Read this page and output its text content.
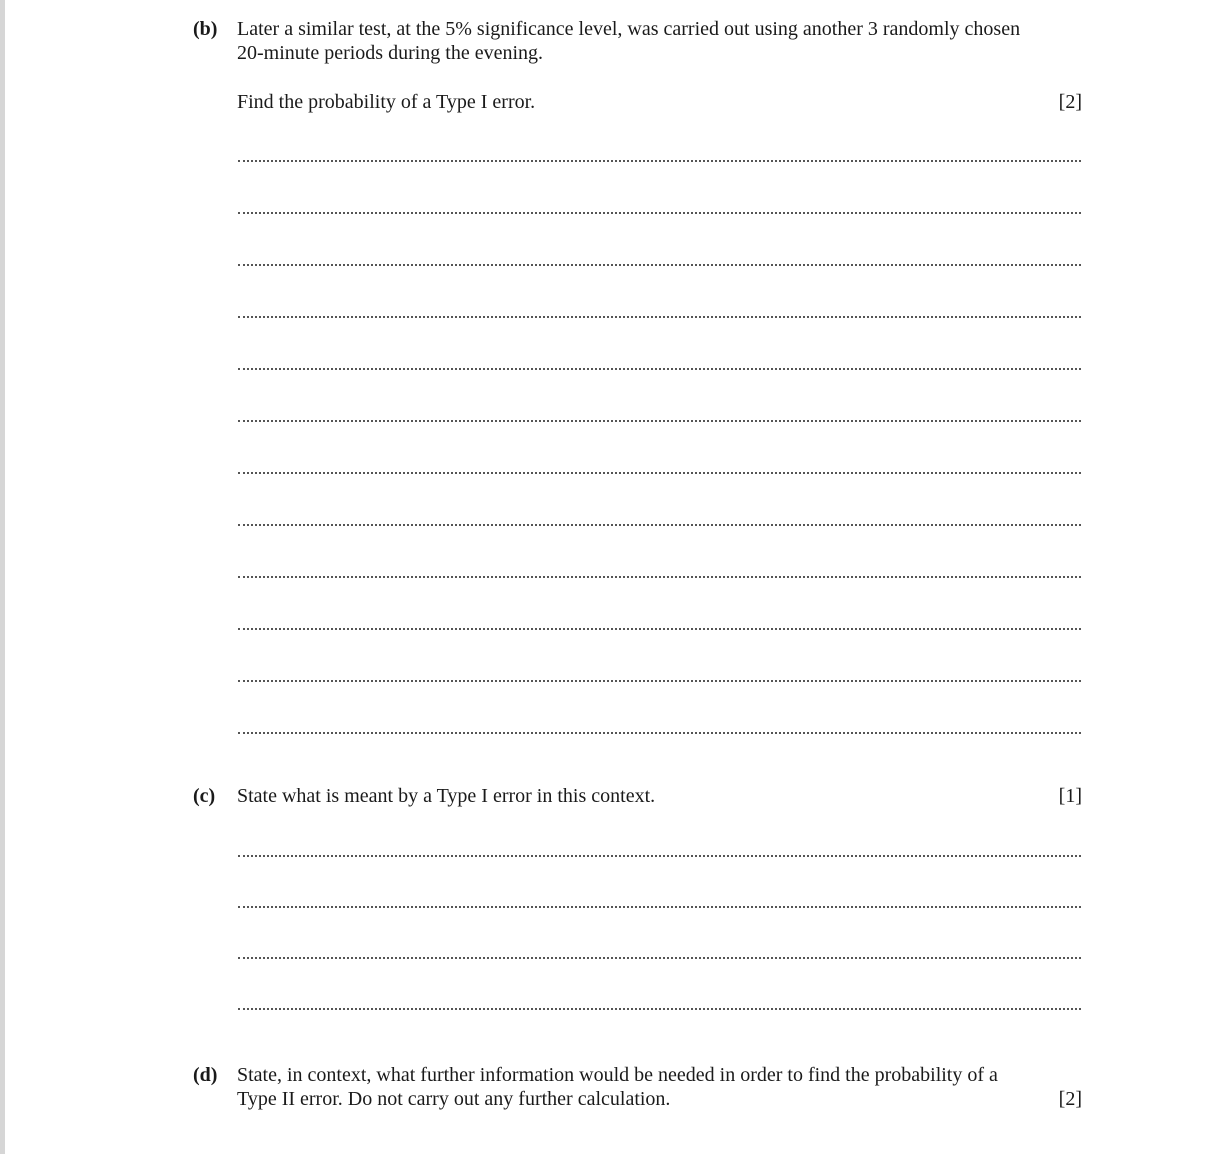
(b) Later a similar test, at the 5% significance level, was carried out using another 3 randomly chosen
20-minute periods during the evening.
Find the probability of a Type I error.	[2]
(c) State what is meant by a Type I error in this context.	[1]
(d) State, in context, what further information would be needed in order to find the probability of a
Type II error. Do not carry out any further calculation.	[2]
